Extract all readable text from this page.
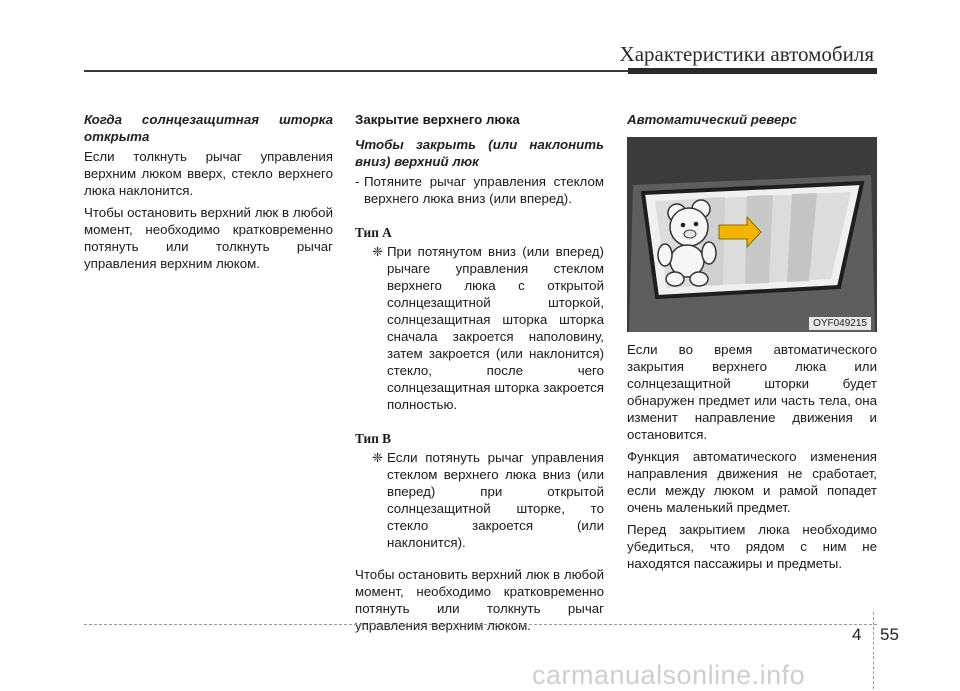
Характеристики автомобиля

Когда солнцезащитная шторка открыта

Если толкнуть рычаг управления верхним люком вверх, стекло верхнего люка наклонится.

Чтобы остановить верхний люк в любой момент, необходимо кратковременно потянуть или толкнуть рычаг управления верхним люком.

Закрытие верхнего люка

Чтобы закрыть (или наклонить вниз) верхний люк

- Потяните рычаг управления стеклом верхнего люка вниз (или вперед).

Тип A

❈ При потянутом вниз (или вперед) рычаге управления стеклом верхнего люка с открытой солнцезащитной шторкой, солнцезащитная шторка шторка сначала закроется наполовину, затем закроется (или наклонится) стекло, после чего солнцезащитная шторка закроется полностью.

Тип B

❈ Если потянуть рычаг управления стеклом верхнего люка вниз (или вперед) при открытой солнцезащитной шторке, то стекло закроется (или наклонится).

Чтобы остановить верхний люк в любой момент, необходимо кратковременно потянуть или толкнуть рычаг управления верхним люком.

Автоматический реверс

OYF049215

Если во время автоматического закрытия верхнего люка или солнцезащитной шторки будет обнаружен предмет или часть тела, она изменит направление движения и остановится.

Функция автоматического изменения направления движения не сработает, если между люком и рамой попадет очень маленький предмет.

Перед закрытием люка необходимо убедиться, что рядом с ним не находятся пассажиры и предметы.

4 55
carmanualsonline.info
